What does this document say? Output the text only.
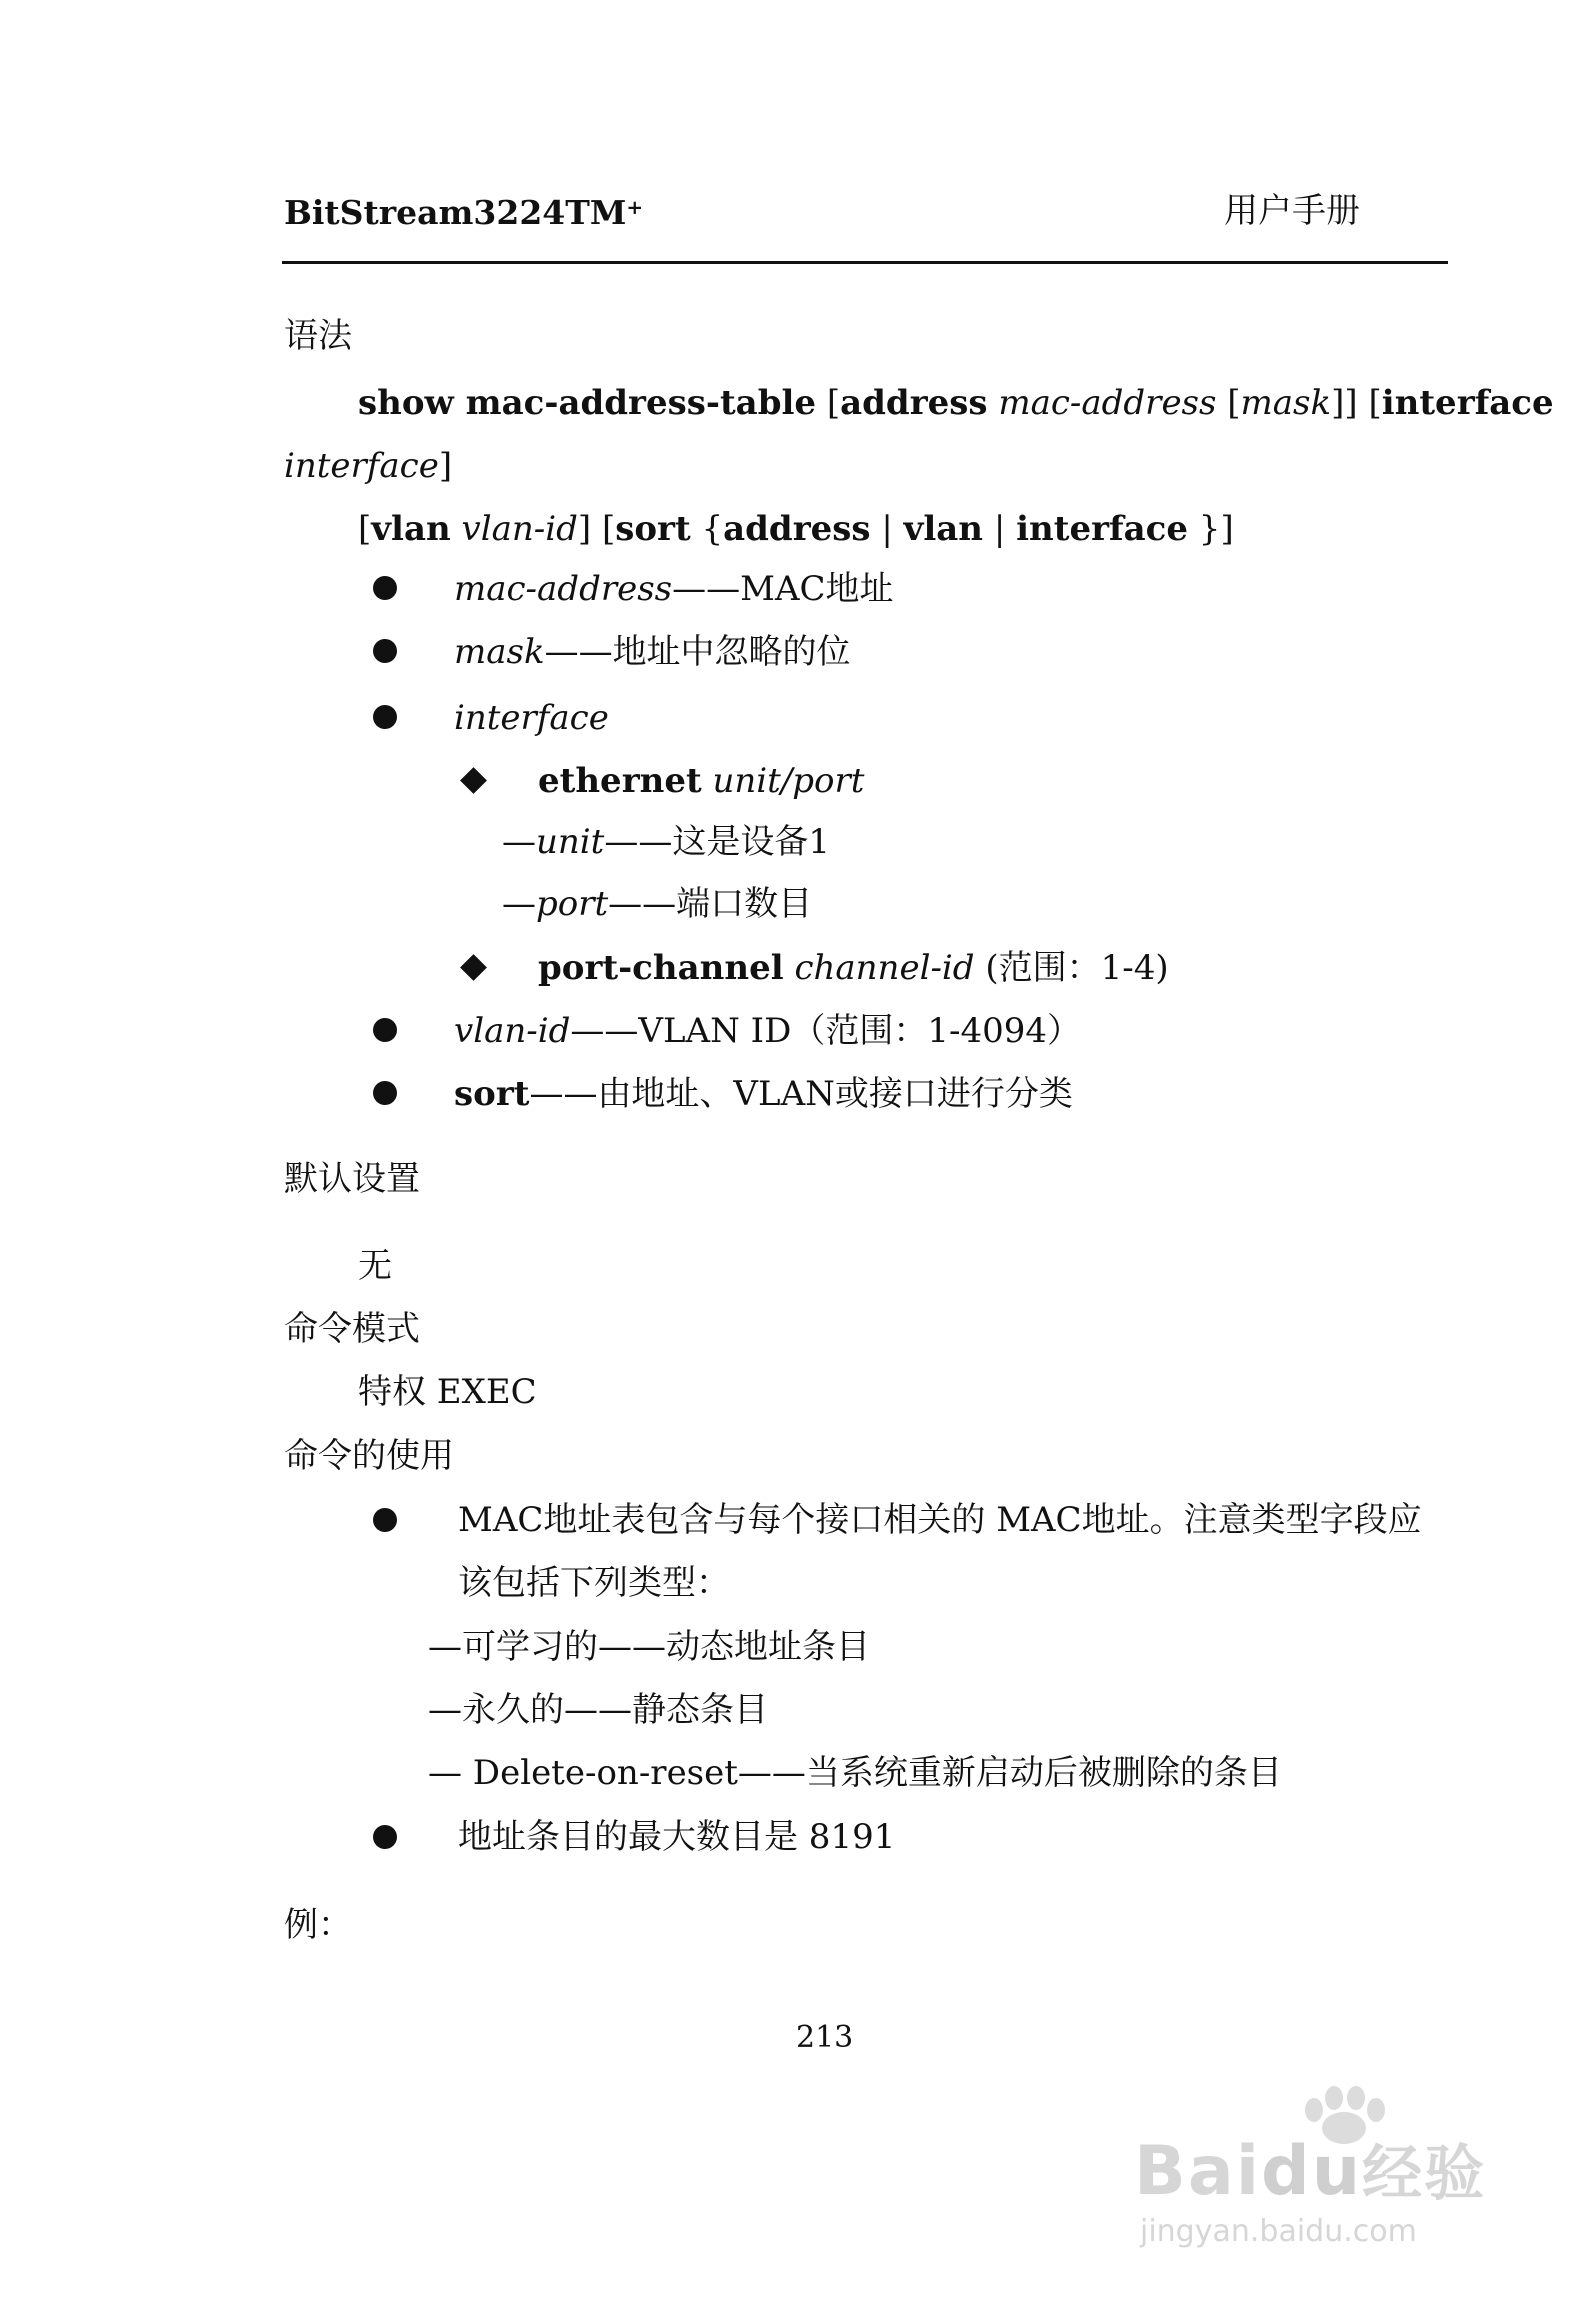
BitStream3224TM+	用户手册
语法
show mac-address-table [address mac-address [mask]] [interface
interface]
[vlan vlan-id] [sort {address | vlan | interface }]
mac-address——MAC地址
mask——地址中忽略的位
interface
ethernet unit/port
—unit——这是设备1
—port——端口数目
port-channel channel-id (范围：1-4)
vlan-id——VLAN ID（范围：1-4094）
sort——由地址、VLAN或接口进行分类
默认设置
无
命令模式
特权 EXEC
命令的使用
MAC地址表包含与每个接口相关的 MAC地址。注意类型字段应
该包括下列类型：
—可学习的——动态地址条目
—永久的——静态条目
— Delete-on-reset——当系统重新启动后被删除的条目
地址条目的最大数目是 8191
例：
213
Baidu经验
jingyan.baidu.com
